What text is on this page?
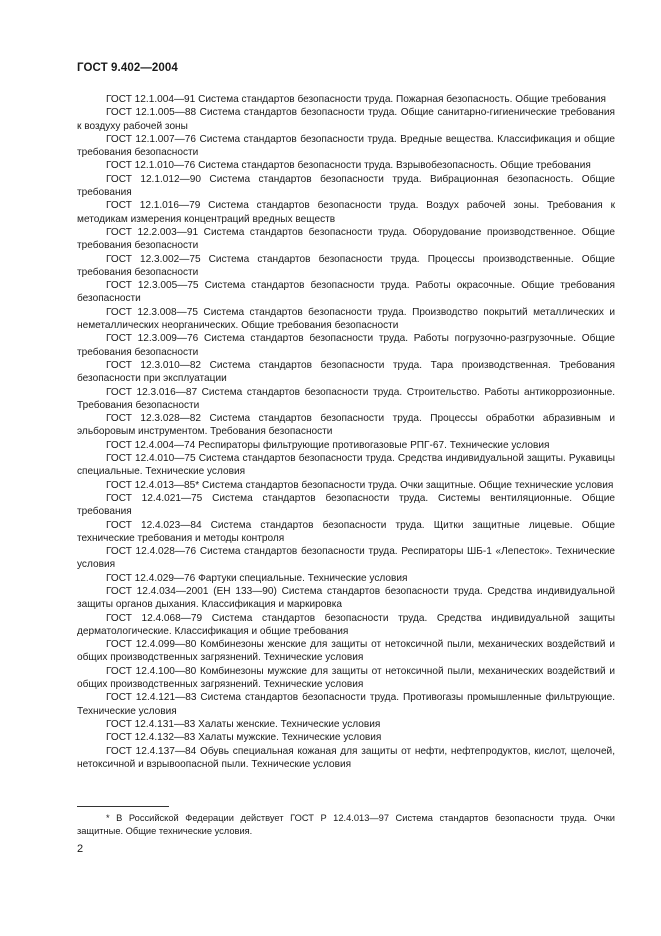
ГОСТ 9.402—2004

ГОСТ 12.1.004—91 Система стандартов безопасности труда. Пожарная безопасность. Общие требования

ГОСТ 12.1.005—88 Система стандартов безопасности труда. Общие санитарно-гигиенические требования к воздуху рабочей зоны

ГОСТ 12.1.007—76 Система стандартов безопасности труда. Вредные вещества. Классификация и общие требования безопасности

ГОСТ 12.1.010—76 Система стандартов безопасности труда. Взрывобезопасность. Общие требования

ГОСТ 12.1.012—90 Система стандартов безопасности труда. Вибрационная безопасность. Общие требования

ГОСТ 12.1.016—79 Система стандартов безопасности труда. Воздух рабочей зоны. Требования к методикам измерения концентраций вредных веществ

ГОСТ 12.2.003—91 Система стандартов безопасности труда. Оборудование производственное. Общие требования безопасности

ГОСТ 12.3.002—75 Система стандартов безопасности труда. Процессы производственные. Общие требования безопасности

ГОСТ 12.3.005—75 Система стандартов безопасности труда. Работы окрасочные. Общие требования безопасности

ГОСТ 12.3.008—75 Система стандартов безопасности труда. Производство покрытий металлических и неметаллических неорганических. Общие требования безопасности

ГОСТ 12.3.009—76 Система стандартов безопасности труда. Работы погрузочно-разгрузочные. Общие требования безопасности

ГОСТ 12.3.010—82 Система стандартов безопасности труда. Тара производственная. Требования безопасности при эксплуатации

ГОСТ 12.3.016—87 Система стандартов безопасности труда. Строительство. Работы антикоррозионные. Требования безопасности

ГОСТ 12.3.028—82 Система стандартов безопасности труда. Процессы обработки абразивным и эльборовым инструментом. Требования безопасности

ГОСТ 12.4.004—74 Респираторы фильтрующие противогазовые РПГ-67. Технические условия

ГОСТ 12.4.010—75 Система стандартов безопасности труда. Средства индивидуальной защиты. Рукавицы специальные. Технические условия

ГОСТ 12.4.013—85* Система стандартов безопасности труда. Очки защитные. Общие технические условия

ГОСТ 12.4.021—75 Система стандартов безопасности труда. Системы вентиляционные. Общие требования

ГОСТ 12.4.023—84 Система стандартов безопасности труда. Щитки защитные лицевые. Общие технические требования и методы контроля

ГОСТ 12.4.028—76 Система стандартов безопасности труда. Респираторы ШБ-1 «Лепесток». Технические условия

ГОСТ 12.4.029—76 Фартуки специальные. Технические условия

ГОСТ 12.4.034—2001 (ЕН 133—90) Система стандартов безопасности труда. Средства индивидуальной защиты органов дыхания. Классификация и маркировка

ГОСТ 12.4.068—79 Система стандартов безопасности труда. Средства индивидуальной защиты дерматологические. Классификация и общие требования

ГОСТ 12.4.099—80 Комбинезоны женские для защиты от нетоксичной пыли, механических воздействий и общих производственных загрязнений. Технические условия

ГОСТ 12.4.100—80 Комбинезоны мужские для защиты от нетоксичной пыли, механических воздействий и общих производственных загрязнений. Технические условия

ГОСТ 12.4.121—83 Система стандартов безопасности труда. Противогазы промышленные фильтрующие. Технические условия

ГОСТ 12.4.131—83 Халаты женские. Технические условия

ГОСТ 12.4.132—83 Халаты мужские. Технические условия

ГОСТ 12.4.137—84 Обувь специальная кожаная для защиты от нефти, нефтепродуктов, кислот, щелочей, нетоксичной и взрывоопасной пыли. Технические условия

* В Российской Федерации действует ГОСТ Р 12.4.013—97 Система стандартов безопасности труда. Очки защитные. Общие технические условия.
2
